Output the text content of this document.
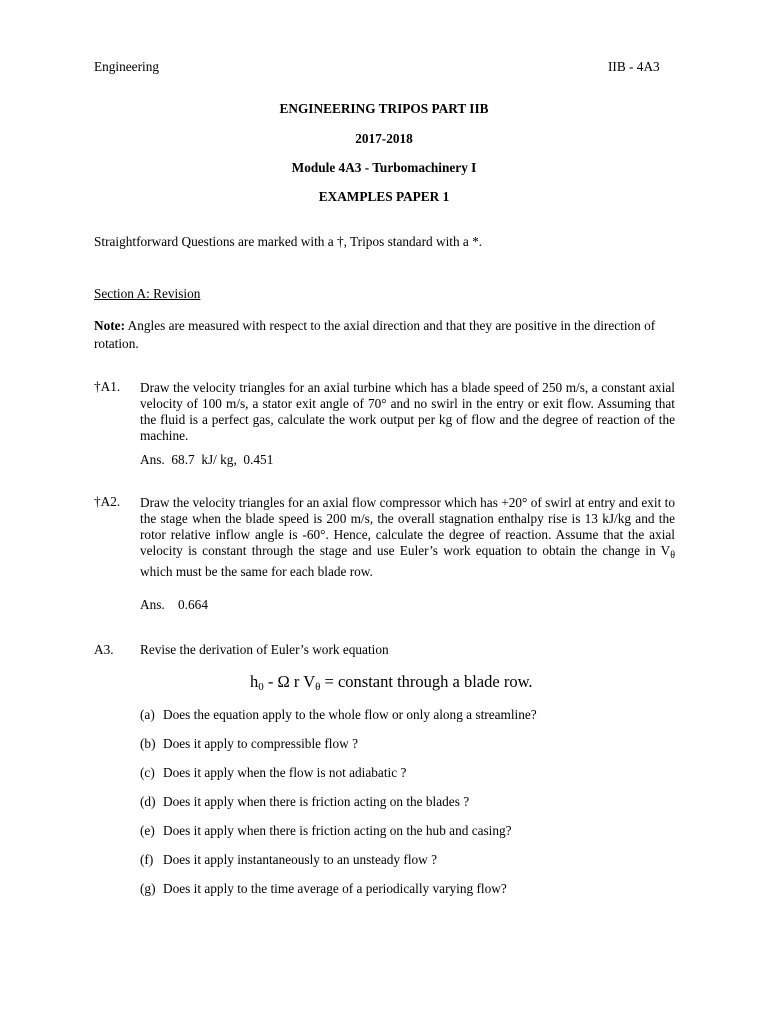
Engineering	IIB - 4A3
ENGINEERING TRIPOS PART IIB
2017-2018
Module 4A3 - Turbomachinery I
EXAMPLES PAPER 1
Straightforward Questions are marked with a †, Tripos standard with a *.
Section A: Revision
Note: Angles are measured with respect to the axial direction and that they are positive in the direction of rotation.
†A1. Draw the velocity triangles for an axial turbine which has a blade speed of 250 m/s, a constant axial velocity of 100 m/s, a stator exit angle of 70° and no swirl in the entry or exit flow. Assuming that the fluid is a perfect gas, calculate the work output per kg of flow and the degree of reaction of the machine.
Ans.  68.7  kJ/ kg,  0.451
†A2. Draw the velocity triangles for an axial flow compressor which has +20° of swirl at entry and exit to the stage when the blade speed is 200 m/s, the overall stagnation enthalpy rise is 13 kJ/kg and the rotor relative inflow angle is -60°. Hence, calculate the degree of reaction. Assume that the axial velocity is constant through the stage and use Euler’s work equation to obtain the change in $V_\theta$ which must be the same for each blade row.
Ans.    0.664
A3. Revise the derivation of Euler’s work equation
$h_0$ - Ω r $V_\theta$ = constant through a blade row.
(a) Does the equation apply to the whole flow or only along a streamline?
(b) Does it apply to compressible flow ?
(c) Does it apply when the flow is not adiabatic ?
(d) Does it apply when there is friction acting on the blades ?
(e) Does it apply when there is friction acting on the hub and casing?
(f) Does it apply instantaneously to an unsteady flow ?
(g) Does it apply to the time average of a periodically varying flow?
